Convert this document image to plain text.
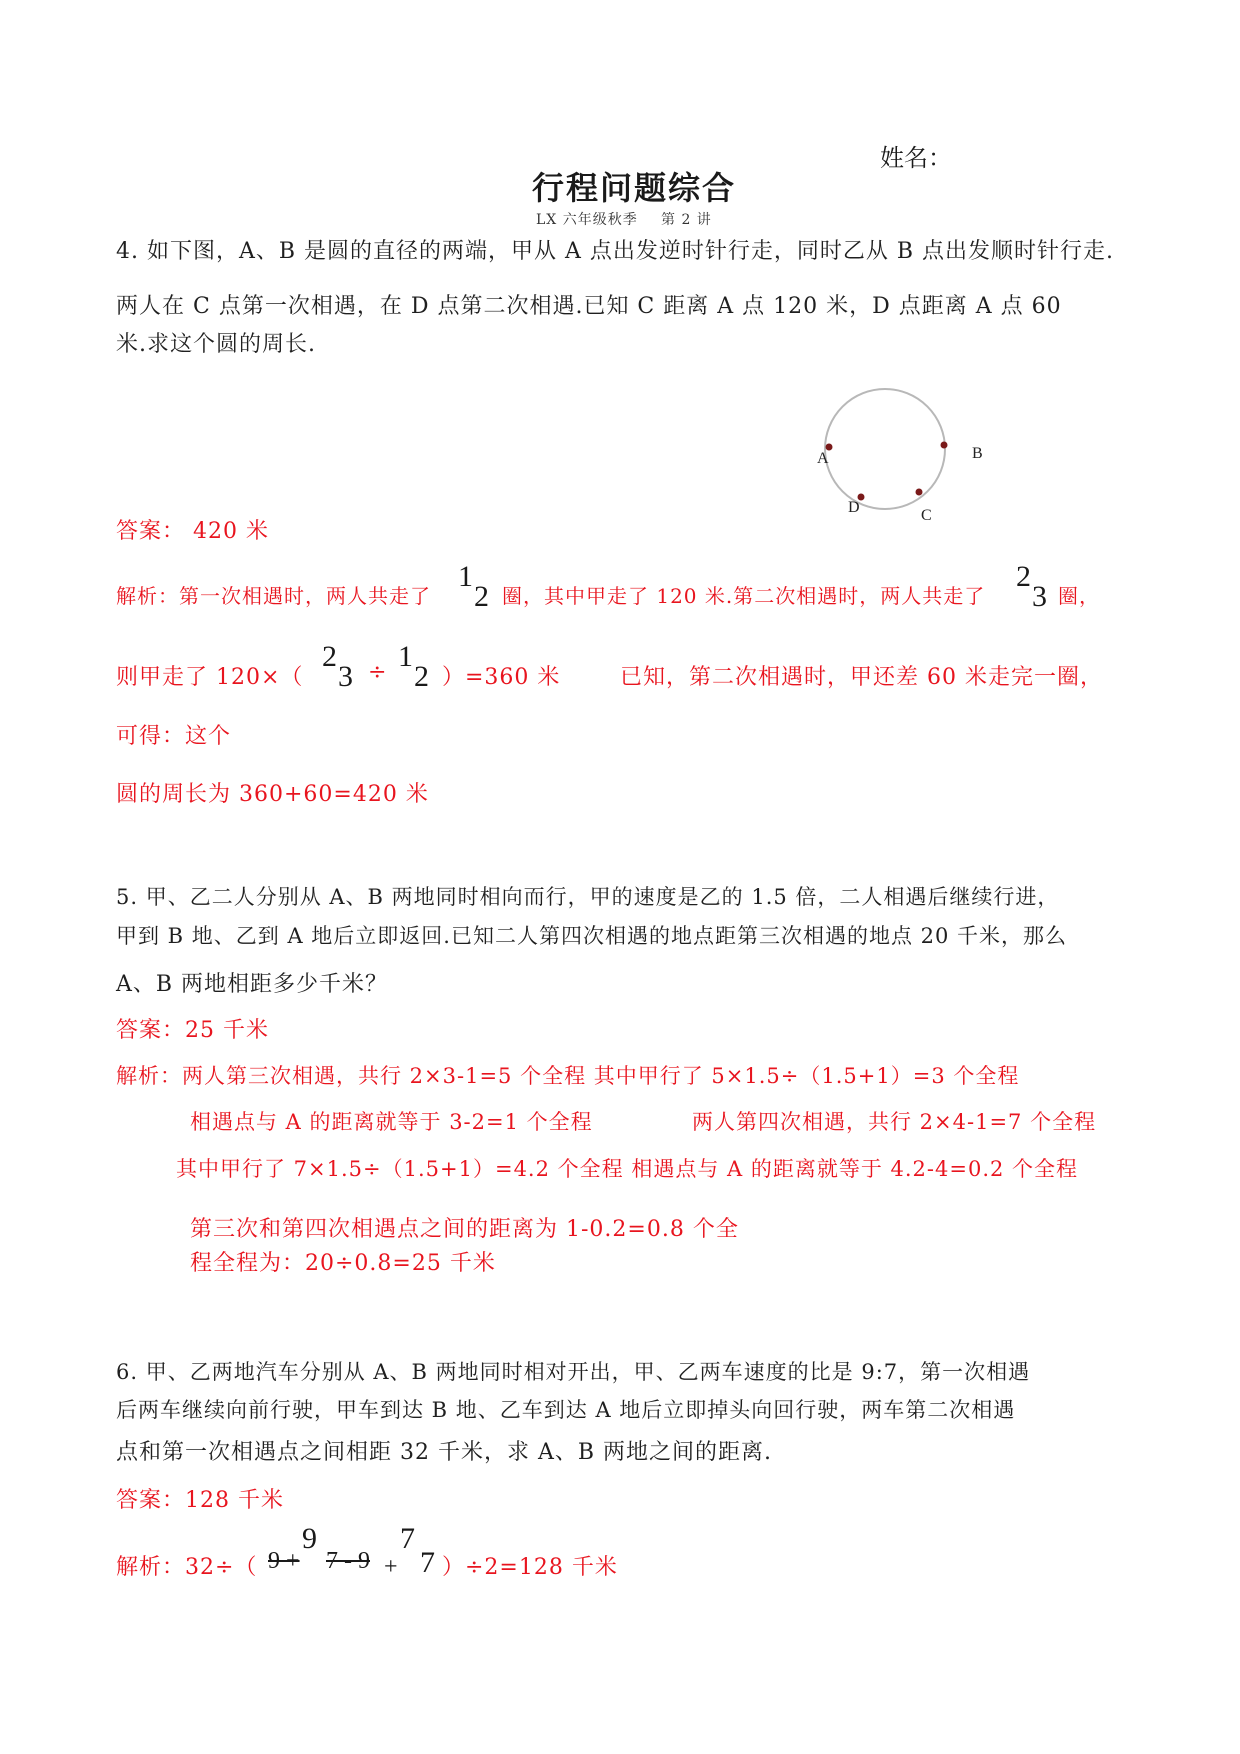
姓名：
行程问题综合
LX 六年级秋季 第 2 讲
4. 如下图，A、B 是圆的直径的两端，甲从 A 点出发逆时针行走，同时乙从 B 点出发顺时针行走.
两人在 C 点第一次相遇，在 D 点第二次相遇.已知 C 距离 A 点 120 米，D 点距离 A 点 60
米.求这个圆的周长.
A	B
C
D
答案： 420 米
解析：第一次相遇时，两人共走了
1
2 圈，其中甲走了 120 米.第二次相遇时，两人共走了
2
3 圈，
则甲走了 120×（
2
3 ÷ 1
2 ）=360 米	已知，第二次相遇时，甲还差 60 米走完一圈，
可得：这个
圆的周长为 360+60=420 米
5. 甲、乙二人分别从 A、B 两地同时相向而行，甲的速度是乙的 1.5 倍，二人相遇后继续行进，
甲到 B 地、乙到 A 地后立即返回.已知二人第四次相遇的地点距第三次相遇的地点 20 千米，那么
A、B 两地相距多少千米？
答案：25 千米
解析：两人第三次相遇，共行 2×3-1=5 个全程 其中甲行了 5×1.5÷（1.5+1）=3 个全程
相遇点与 A 的距离就等于 3-2=1 个全程	两人第四次相遇，共行 2×4-1=7 个全程
其中甲行了 7×1.5÷（1.5+1）=4.2 个全程 相遇点与 A 的距离就等于 4.2-4=0.2 个全程
第三次和第四次相遇点之间的距离为 1-0.2=0.8 个全
程全程为：20÷0.8=25 千米
6. 甲、乙两地汽车分别从 A、B 两地同时相对开出，甲、乙两车速度的比是 9:7，第一次相遇
后两车继续向前行驶，甲车到达 B 地、乙车到达 A 地后立即掉头向回行驶，两车第二次相遇
点和第一次相遇点之间相距 32 千米，求 A、B 两地之间的距离.
答案：128 千米
解析：32÷（ 9 +
9
7 - 9 +
7
7 ）÷2=128 千米
